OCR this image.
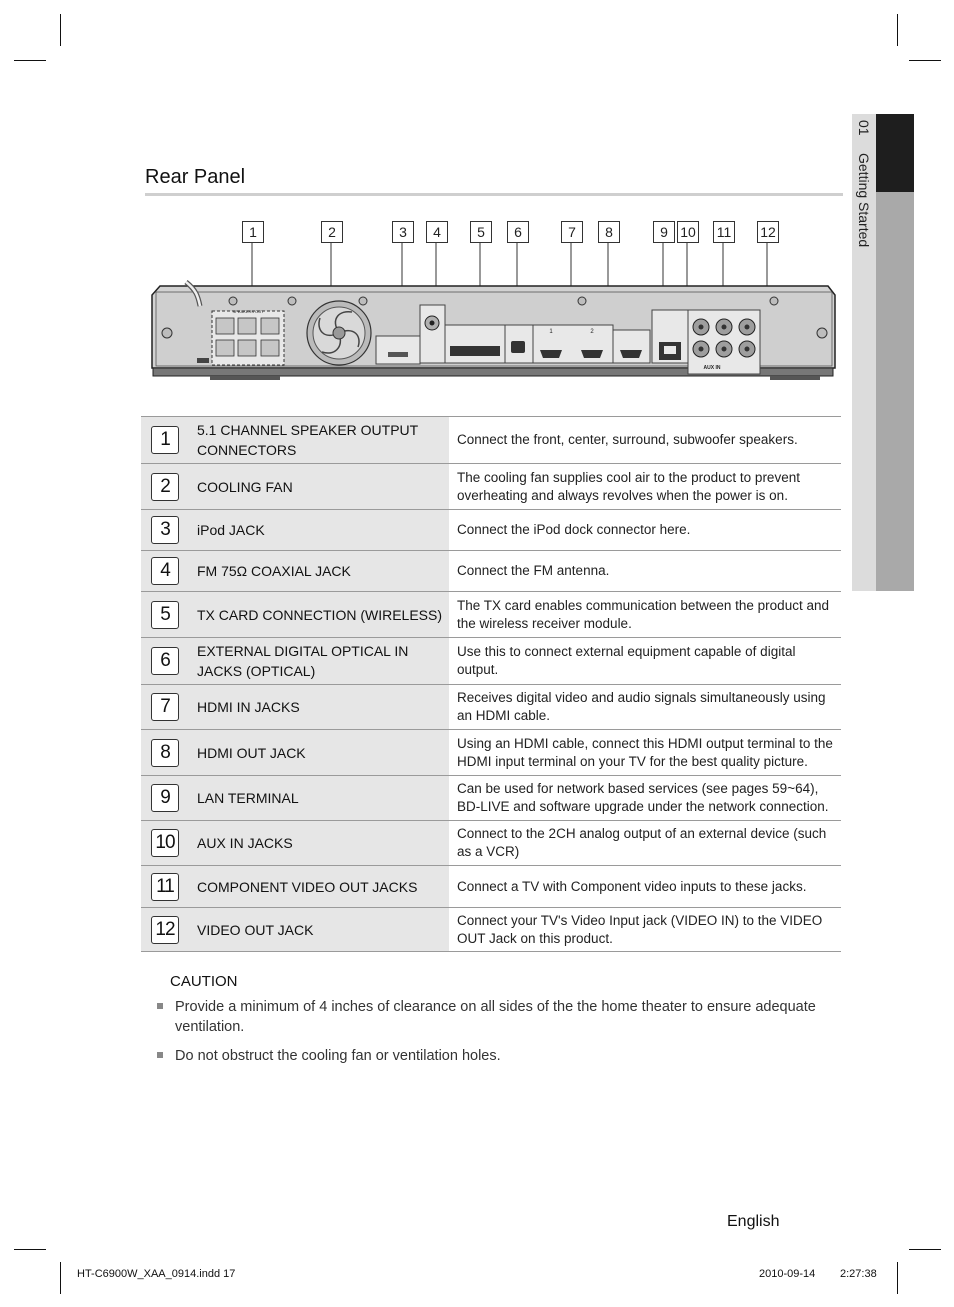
01 Getting Started
Rear Panel
1	2	3	4	5	6	7	8	9 10 11 12
SPEAKERS OUT
1	2
AUX IN
1	5.1 CHANNEL SPEAKER OUTPUT CONNECTORS	Connect the front, center, surround, subwoofer speakers.
2	COOLING FAN	The cooling fan supplies cool air to the product to prevent overheating and always revolves when the power is on.
3	iPod JACK	Connect the iPod dock connector here.
4	FM 75Ω COAXIAL JACK	Connect the FM antenna.
5	TX CARD CONNECTION (WIRELESS)	The TX card enables communication between the product and the wireless receiver module.
6	EXTERNAL DIGITAL OPTICAL IN JACKS (OPTICAL)	Use this to connect external equipment capable of digital output.
7	HDMI IN JACKS	Receives digital video and audio signals simultaneously using an HDMI cable.
8	HDMI OUT JACK	Using an HDMI cable, connect this HDMI output terminal to the HDMI input terminal on your TV for the best quality picture.
9	LAN TERMINAL	Can be used for network based services (see pages 59~64), BD-LIVE and software upgrade under the network connection.
10	AUX IN JACKS	Connect to the 2CH analog output of an external device (such as a VCR)
11	COMPONENT VIDEO OUT JACKS	Connect a TV with Component video inputs to these jacks.
12	VIDEO OUT JACK	Connect your TV's Video Input jack (VIDEO IN) to the VIDEO OUT Jack on this product.
CAUTION
Provide a minimum of 4 inches of clearance on all sides of the the home theater to ensure adequate ventilation.
Do not obstruct the cooling fan or ventilation holes.
English
HT-C6900W_XAA_0914.indd 17	2010-09-14 2:27:38
